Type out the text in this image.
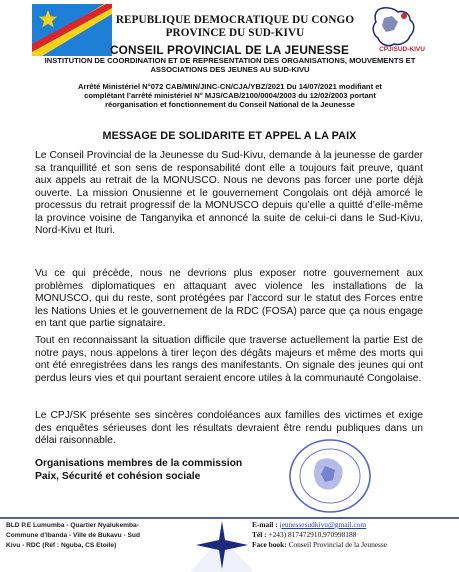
CPJ/SUD-KIVU
REPUBLIQUE DEMOCRATIQUE DU CONGO
PROVINCE DU SUD-KIVU
CONSEIL PROVINCIAL DE LA JEUNESSE
INSTITUTION DE COORDINATION ET DE REPRESENTATION DES ORGANISATIONS, MOUVEMENTS ET
ASSOCIATIONS DES JEUNES AU SUD-KIVU
Arrêté Ministériel N°072 CAB/MIN/JINC-CN/CJA/YBZ/2021 Du 14/07/2021 modifiant et
complétant l’arrêté ministériel N° MJS/CAB/2100/0004/2003 du 12/02/2003 portant
réorganisation et fonctionnement du Conseil National de la Jeunesse
MESSAGE DE SOLIDARITE ET APPEL A LA PAIX

Le Conseil Provincial de la Jeunesse du Sud-Kivu, demande à la jeunesse de garder sa tranquillité et son sens de responsabilité dont elle a toujours fait preuve, quant aux appels au retrait de la MONUSCO. Nous ne devons pas forcer une porte déjà ouverte. La mission Onusienne et le gouvernement Congolais ont déjà amorcé le processus du retrait progressif de la MONUSCO depuis qu’elle a quitté d’elle-même la province voisine de Tanganyika et annoncé la suite de celui-ci dans le Sud-Kivu, Nord-Kivu et Ituri.

Vu ce qui précède, nous ne devrions plus exposer notre gouvernement aux problèmes diplomatiques en attaquant avec violence les installations de la MONUSCO, qui du reste, sont protégées par l’accord sur le statut des Forces entre les Nations Unies et le gouvernement de la RDC (FOSA) parce que ça nous engage en tant que partie signataire.

Tout en reconnaissant la situation difficile que traverse actuellement la partie Est de notre pays, nous appelons à tirer leçon des dégâts majeurs et même des morts qui ont été enregistrées dans les rangs des manifestants. On signale des jeunes qui ont perdus leurs vies et qui pourtant seraient encore utiles à la communauté Congolaise.

Le CPJ/SK présente ses sincères condoléances aux familles des victimes et exige des enquêtes sérieuses dont les résultats devraient être rendu publiques dans un délai raisonnable.

Organisations membres de la commission
Paix, Sécurité et cohésion sociale
BLD P.E Lumumba - Quartier Nyalukemba-
Commune d’Ibanda - Ville de Bukavu - Sud
Kivu - RDC (Réf : Nguba, CS Etoile)
E-mail : jeunessesudkivu@gmail.com
Tél : +243) 817472910,970998188
Face book: Conseil Provincial de la Jeunesse
